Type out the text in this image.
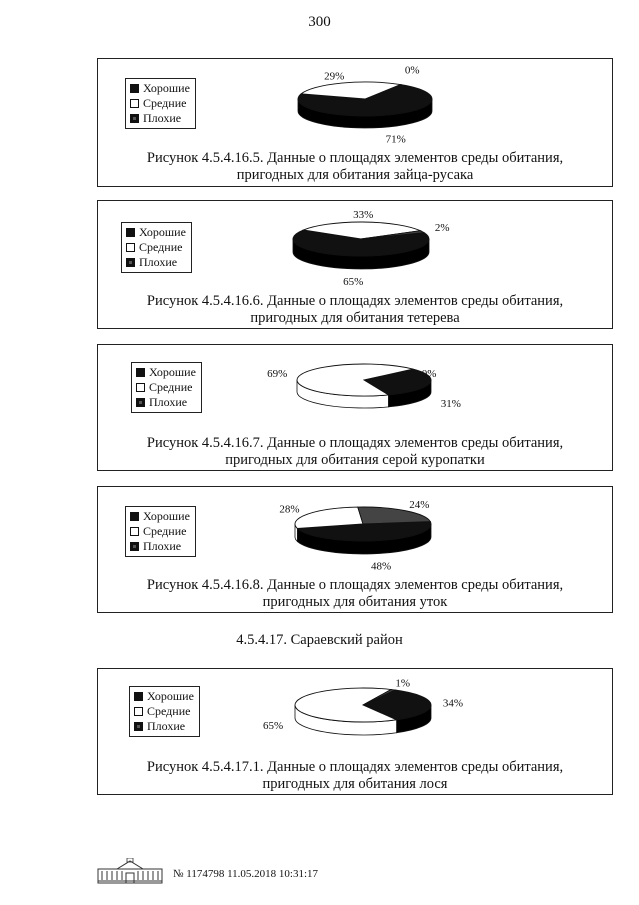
300
Хорошие
Средние
Плохие
71%
29%	0%
Рисунок 4.5.4.16.5. Данные о площадях элементов среды обитания,
пригодных для обитания зайца-русака
Хорошие
Средние
Плохие
65%
33%
2%
Рисунок 4.5.4.16.6. Данные о площадях элементов среды обитания,
пригодных для обитания тетерева
Хорошие
Средние
Плохие	31%
69%	0%
Рисунок 4.5.4.16.7. Данные о площадях элементов среды обитания,
пригодных для обитания серой куропатки
Хорошие
Средние
Плохие
48%
28%	24%
Рисунок 4.5.4.16.8. Данные о площадях элементов среды обитания,
пригодных для обитания уток
4.5.4.17. Сараевский район
Хорошие
Средние
Плохие
34%
65%
1%
Рисунок 4.5.4.17.1. Данные о площадях элементов среды обитания,
пригодных для обитания лося
№ 1174798 11.05.2018 10:31:17
